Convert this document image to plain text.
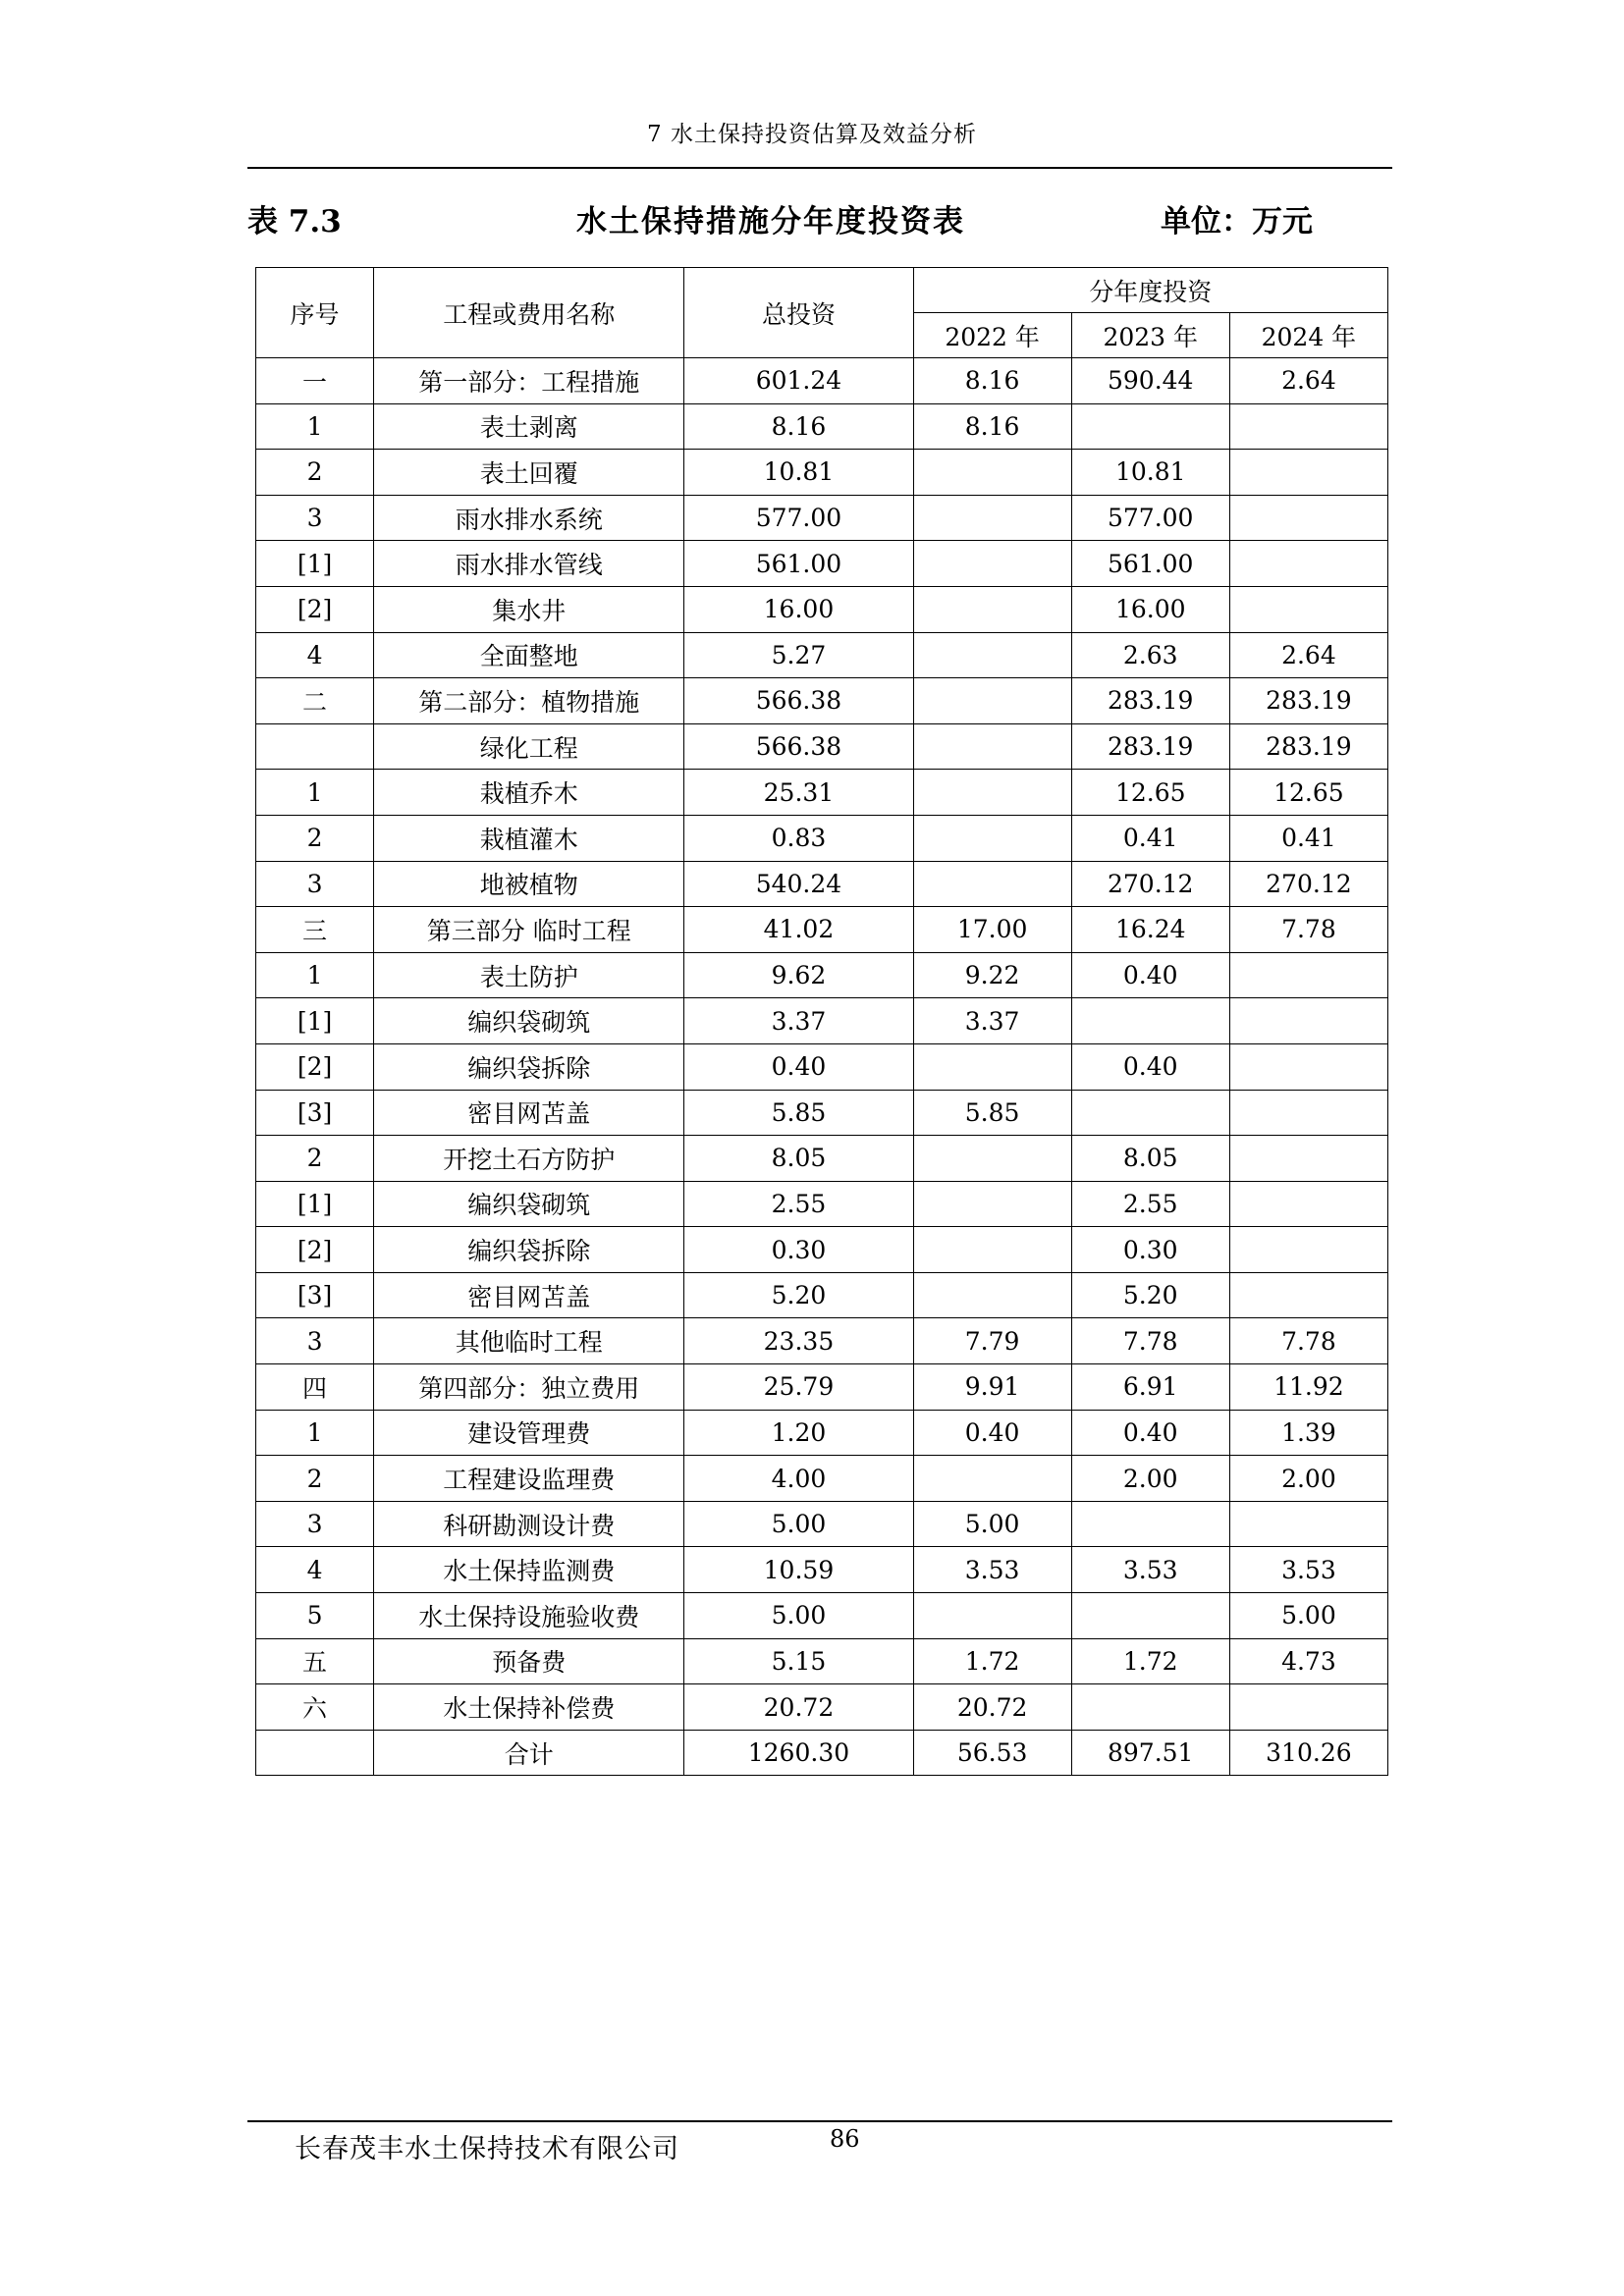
7 水土保持投资估算及效益分析
表 7.3	水土保持措施分年度投资表	单位：万元
序号	工程或费用名称	总投资	分年度投资		
			2022 年	2023 年	2024 年
一	第一部分：工程措施	601.24	8.16	590.44	2.64
1	表土剥离	8.16	8.16		
2	表土回覆	10.81		10.81	
3	雨水排水系统	577.00		577.00	
[1]	雨水排水管线	561.00		561.00	
[2]	集水井	16.00		16.00	
4	全面整地	5.27		2.63	2.64
二	第二部分：植物措施	566.38		283.19	283.19
	绿化工程	566.38		283.19	283.19
1	栽植乔木	25.31		12.65	12.65
2	栽植灌木	0.83		0.41	0.41
3	地被植物	540.24		270.12	270.12
三	第三部分 临时工程	41.02	17.00	16.24	7.78
1	表土防护	9.62	9.22	0.40	
[1]	编织袋砌筑	3.37	3.37		
[2]	编织袋拆除	0.40		0.40	
[3]	密目网苫盖	5.85	5.85		
2	开挖土石方防护	8.05		8.05	
[1]	编织袋砌筑	2.55		2.55	
[2]	编织袋拆除	0.30		0.30	
[3]	密目网苫盖	5.20		5.20	
3	其他临时工程	23.35	7.79	7.78	7.78
四	第四部分：独立费用	25.79	9.91	6.91	11.92
1	建设管理费	1.20	0.40	0.40	1.39
2	工程建设监理费	4.00		2.00	2.00
3	科研勘测设计费	5.00	5.00		
4	水土保持监测费	10.59	3.53	3.53	3.53
5	水土保持设施验收费	5.00			5.00
五	预备费	5.15	1.72	1.72	4.73
六	水土保持补偿费	20.72	20.72		
	合计	1260.30	56.53	897.51	310.26
长春茂丰水土保持技术有限公司	86
